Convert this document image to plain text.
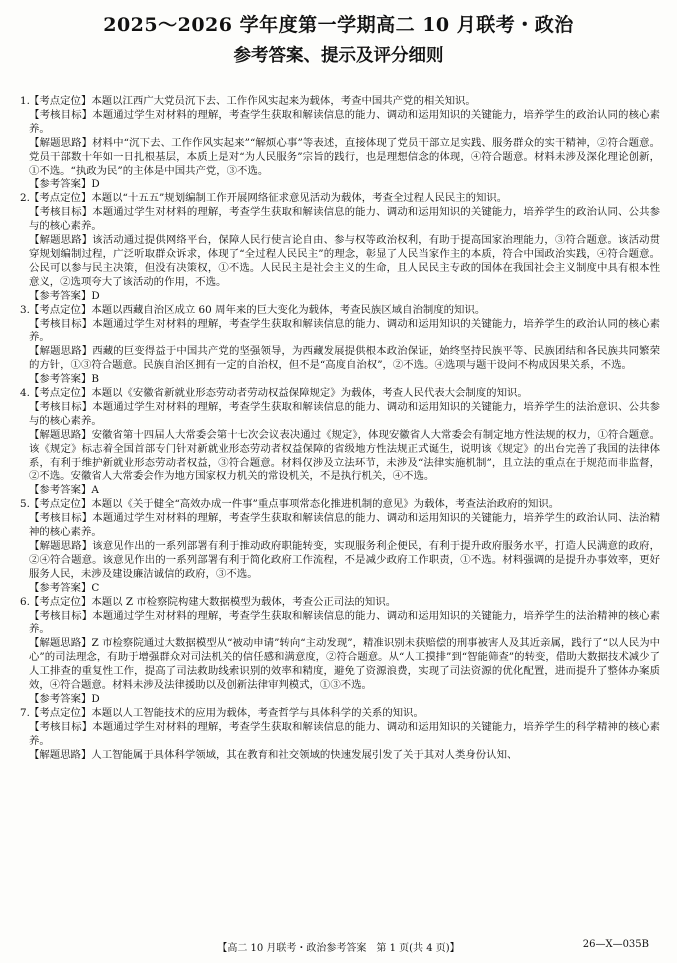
2025～2026 学年度第一学期高二 10 月联考・政治
参考答案、提示及评分细则

1.【考点定位】本题以江西广大党员沉下去、工作作风实起来为载体，考查中国共产党的相关知识。

【考核目标】本题通过学生对材料的理解，考查学生获取和解读信息的能力、调动和运用知识的关键能力，培养学生的政治认同的核心素养。

【解题思路】材料中“沉下去、工作作风实起来”“解烦心事”等表述，直接体现了党员干部立足实践、服务群众的实干精神，②符合题意。党员干部数十年如一日扎根基层，本质上是对“为人民服务”宗旨的践行，也是理想信念的体现，④符合题意。材料未涉及深化理论创新，①不选。“执政为民”的主体是中国共产党，③不选。

【参考答案】D

2.【考点定位】本题以“十五五”规划编制工作开展网络征求意见活动为载体，考查全过程人民民主的知识。

【考核目标】本题通过学生对材料的理解，考查学生获取和解读信息的能力、调动和运用知识的关键能力，培养学生的政治认同、公共参与的核心素养。

【解题思路】该活动通过提供网络平台，保障人民行使言论自由、参与权等政治权利，有助于提高国家治理能力，③符合题意。该活动贯穿规划编制过程，广泛听取群众诉求，体现了“全过程人民民主”的理念，彰显了人民当家作主的本质，符合中国政治实践，④符合题意。公民可以参与民主决策，但没有决策权，①不选。人民民主是社会主义的生命，且人民民主专政的国体在我国社会主义制度中具有根本性意义，②选项夸大了该活动的作用，不选。

【参考答案】D

3.【考点定位】本题以西藏自治区成立 60 周年来的巨大变化为载体，考查民族区域自治制度的知识。

【考核目标】本题通过学生对材料的理解，考查学生获取和解读信息的能力、调动和运用知识的关键能力，培养学生的政治认同的核心素养。

【解题思路】西藏的巨变得益于中国共产党的坚强领导，为西藏发展提供根本政治保证，始终坚持民族平等、民族团结和各民族共同繁荣的方针，①③符合题意。民族自治区拥有一定的自治权，但不是“高度自治权”，②不选。④选项与题干设问不构成因果关系，不选。

【参考答案】B

4.【考点定位】本题以《安徽省新就业形态劳动者劳动权益保障规定》为载体，考查人民代表大会制度的知识。

【考核目标】本题通过学生对材料的理解，考查学生获取和解读信息的能力、调动和运用知识的关键能力，培养学生的法治意识、公共参与的核心素养。

【解题思路】安徽省第十四届人大常委会第十七次会议表决通过《规定》，体现安徽省人大常委会有制定地方性法规的权力，①符合题意。该《规定》标志着全国首部专门针对新就业形态劳动者权益保障的省级地方性法规正式诞生，说明该《规定》的出台完善了我国的法律体系，有利于维护新就业形态劳动者权益，③符合题意。材料仅涉及立法环节，未涉及“法律实施机制”，且立法的重点在于规范而非监督，②不选。安徽省人大常委会作为地方国家权力机关的常设机关，不是执行机关，④不选。

【参考答案】A

5.【考点定位】本题以《关于健全“高效办成一件事”重点事项常态化推进机制的意见》为载体，考查法治政府的知识。

【考核目标】本题通过学生对材料的理解，考查学生获取和解读信息的能力、调动和运用知识的关键能力，培养学生的政治认同、法治精神的核心素养。

【解题思路】该意见作出的一系列部署有利于推动政府职能转变，实现服务利企便民，有利于提升政府服务水平，打造人民满意的政府，②④符合题意。该意见作出的一系列部署有利于简化政府工作流程，不是减少政府工作职责，①不选。材料强调的是提升办事效率，更好服务人民，未涉及建设廉洁诚信的政府，③不选。

【参考答案】C

6.【考点定位】本题以 Z 市检察院构建大数据模型为载体，考查公正司法的知识。

【考核目标】本题通过学生对材料的理解，考查学生获取和解读信息的能力、调动和运用知识的关键能力，培养学生的法治精神的核心素养。

【解题思路】Z 市检察院通过大数据模型从“被动申请”转向“主动发现”，精准识别未获赔偿的刑事被害人及其近亲属，践行了“以人民为中心”的司法理念，有助于增强群众对司法机关的信任感和满意度，②符合题意。从“人工摸排”到“智能筛查”的转变，借助大数据技术减少了人工排查的重复性工作，提高了司法救助线索识别的效率和精度，避免了资源浪费，实现了司法资源的优化配置，进而提升了整体办案质效，④符合题意。材料未涉及法律援助以及创新法律审判模式，①③不选。

【参考答案】D

7.【考点定位】本题以人工智能技术的应用为载体，考查哲学与具体科学的关系的知识。

【考核目标】本题通过学生对材料的理解，考查学生获取和解读信息的能力、调动和运用知识的关键能力，培养学生的科学精神的核心素养。

【解题思路】人工智能属于具体科学领域，其在教育和社交领域的快速发展引发了关于其对人类身份认知、

【高二 10 月联考・政治参考答案　第 1 页(共 4 页)】	26—X—035B
